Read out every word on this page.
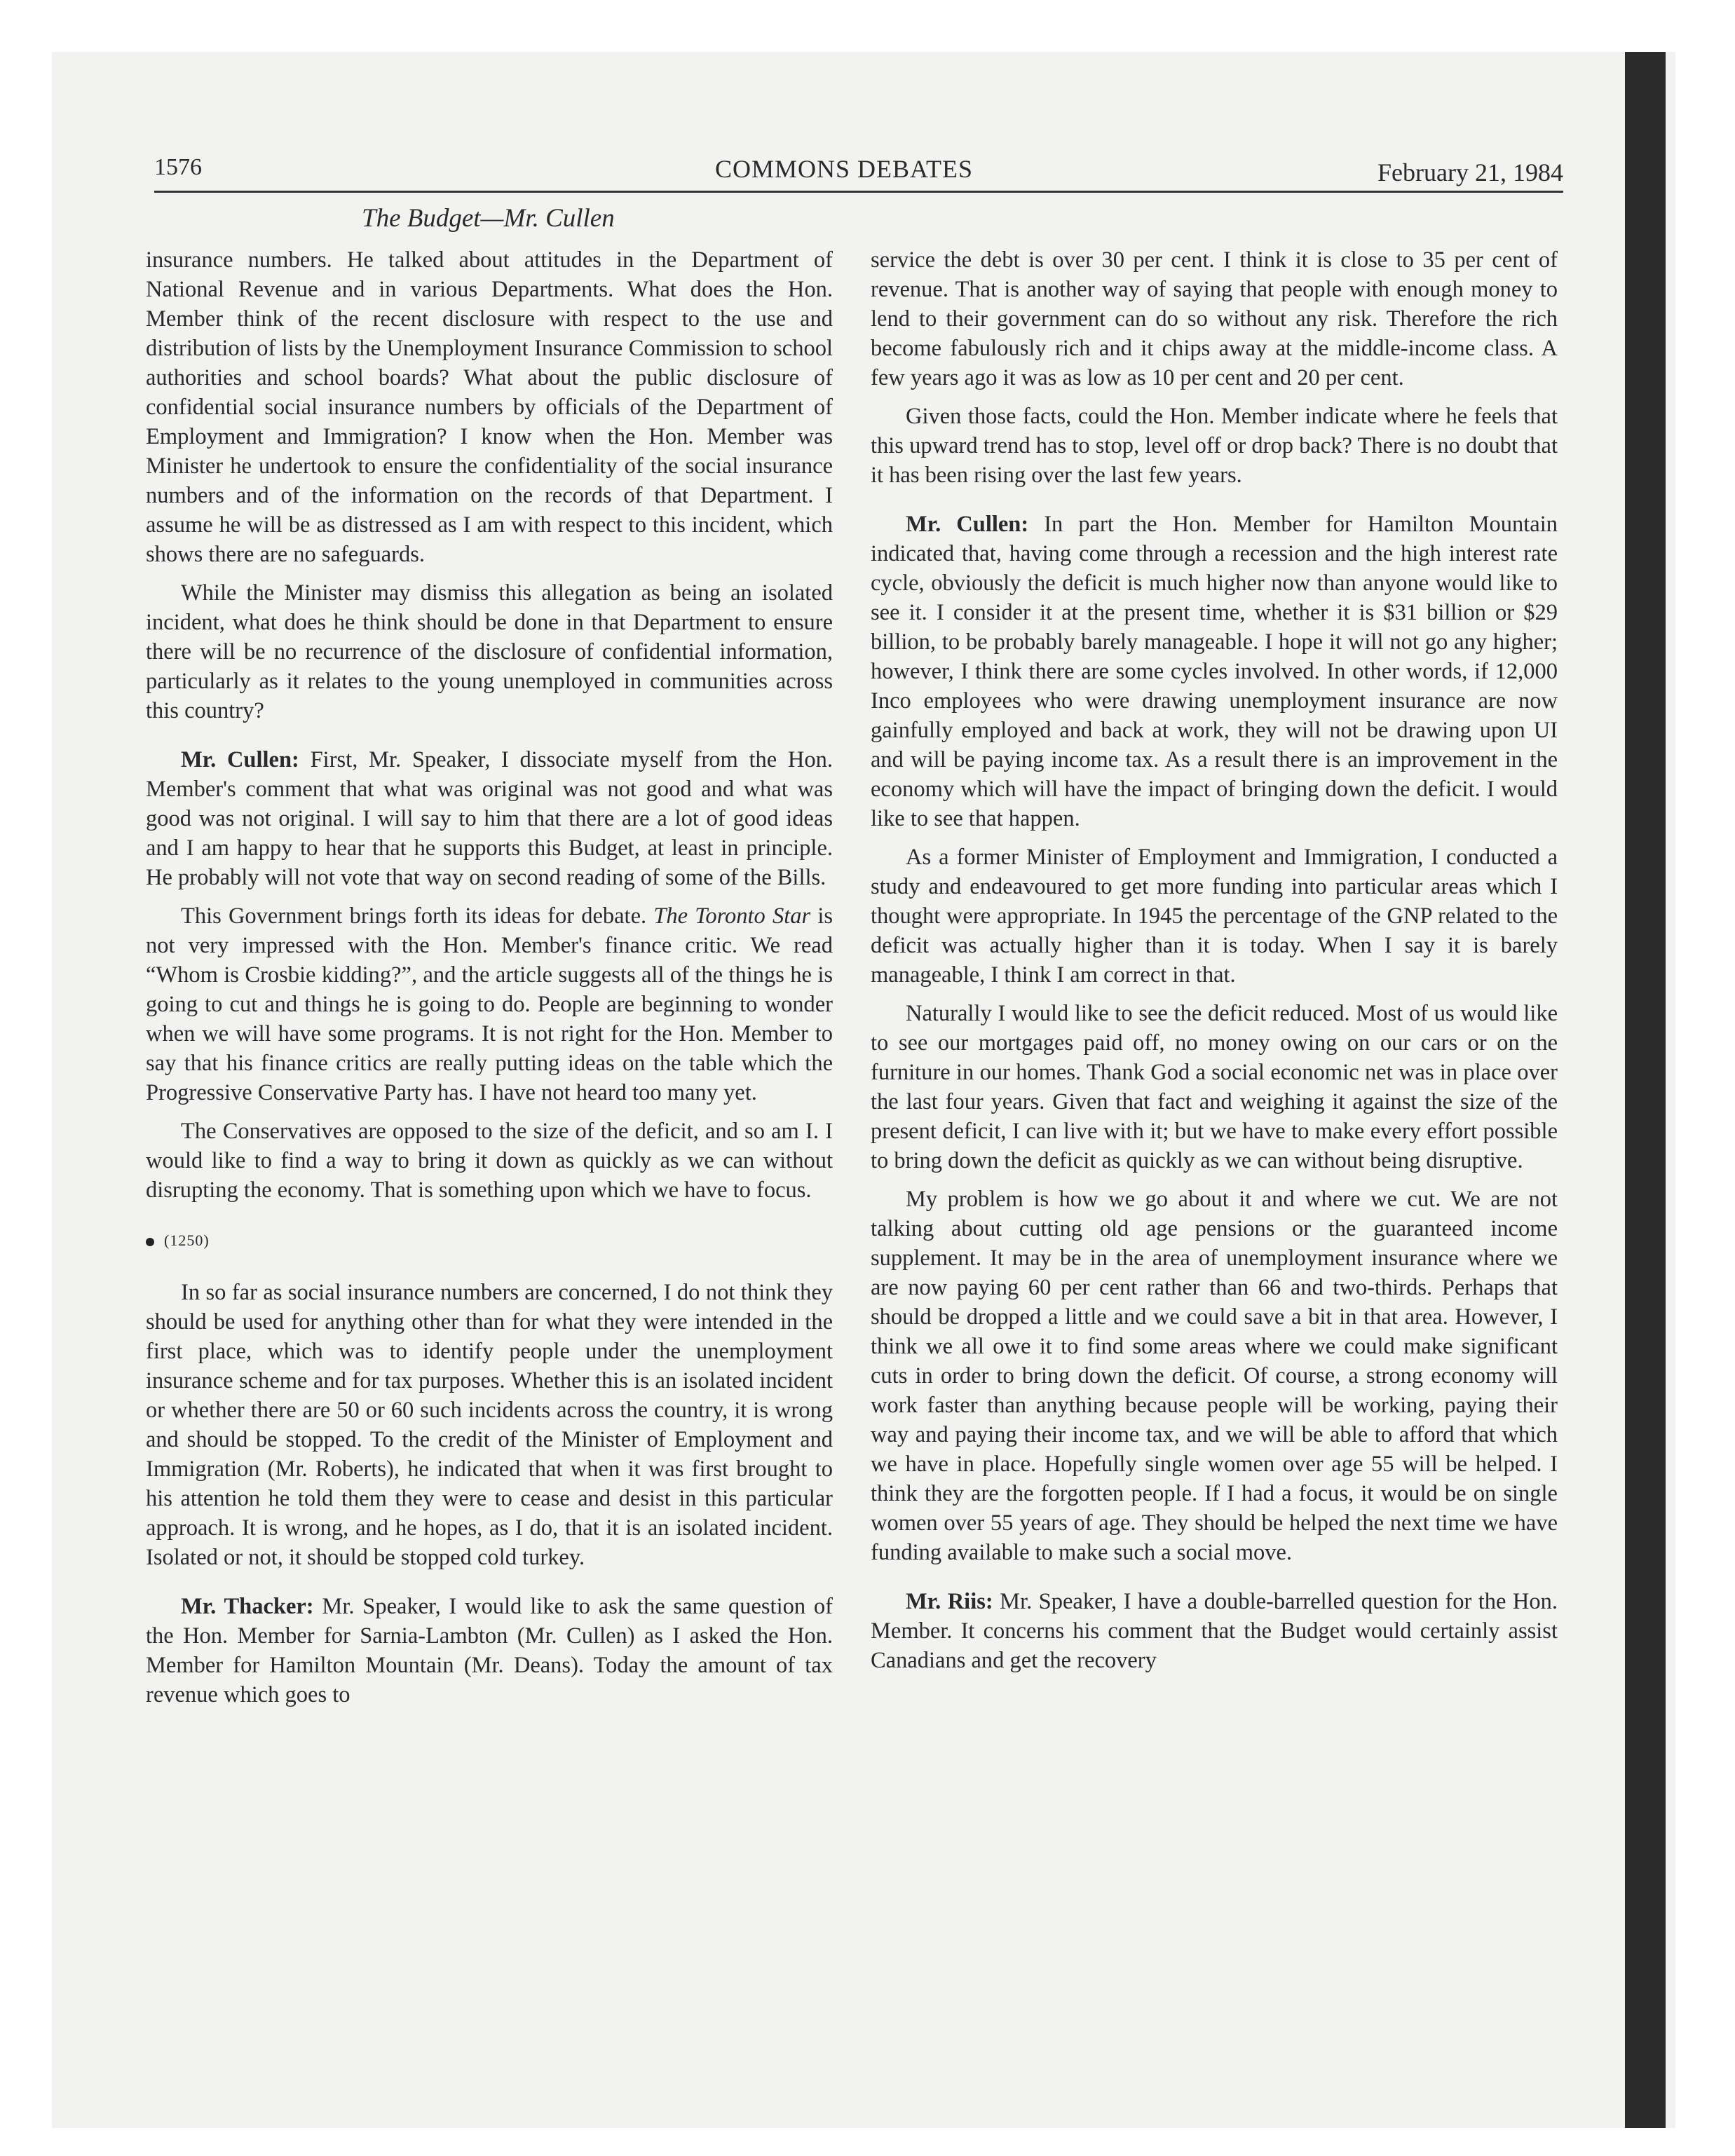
1576	COMMONS DEBATES	February 21, 1984
The Budget—Mr. Cullen

insurance numbers. He talked about attitudes in the Department of National Revenue and in various Departments. What does the Hon. Member think of the recent disclosure with respect to the use and distribution of lists by the Unemployment Insurance Commission to school authorities and school boards? What about the public disclosure of confidential social insurance numbers by officials of the Department of Employment and Immigration? I know when the Hon. Member was Minister he undertook to ensure the confidentiality of the social insurance numbers and of the information on the records of that Department. I assume he will be as distressed as I am with respect to this incident, which shows there are no safeguards.

While the Minister may dismiss this allegation as being an isolated incident, what does he think should be done in that Department to ensure there will be no recurrence of the disclosure of confidential information, particularly as it relates to the young unemployed in communities across this country?

Mr. Cullen: First, Mr. Speaker, I dissociate myself from the Hon. Member's comment that what was original was not good and what was good was not original. I will say to him that there are a lot of good ideas and I am happy to hear that he supports this Budget, at least in principle. He probably will not vote that way on second reading of some of the Bills.

This Government brings forth its ideas for debate. The Toronto Star is not very impressed with the Hon. Member's finance critic. We read “Whom is Crosbie kidding?”, and the article suggests all of the things he is going to cut and things he is going to do. People are beginning to wonder when we will have some programs. It is not right for the Hon. Member to say that his finance critics are really putting ideas on the table which the Progressive Conservative Party has. I have not heard too many yet.

The Conservatives are opposed to the size of the deficit, and so am I. I would like to find a way to bring it down as quickly as we can without disrupting the economy. That is something upon which we have to focus.

(1250)

In so far as social insurance numbers are concerned, I do not think they should be used for anything other than for what they were intended in the first place, which was to identify people under the unemployment insurance scheme and for tax purposes. Whether this is an isolated incident or whether there are 50 or 60 such incidents across the country, it is wrong and should be stopped. To the credit of the Minister of Employment and Immigration (Mr. Roberts), he indicated that when it was first brought to his attention he told them they were to cease and desist in this particular approach. It is wrong, and he hopes, as I do, that it is an isolated incident. Isolated or not, it should be stopped cold turkey.

Mr. Thacker: Mr. Speaker, I would like to ask the same question of the Hon. Member for Sarnia-Lambton (Mr. Cullen) as I asked the Hon. Member for Hamilton Mountain (Mr. Deans). Today the amount of tax revenue which goes to

service the debt is over 30 per cent. I think it is close to 35 per cent of revenue. That is another way of saying that people with enough money to lend to their government can do so without any risk. Therefore the rich become fabulously rich and it chips away at the middle-income class. A few years ago it was as low as 10 per cent and 20 per cent.

Given those facts, could the Hon. Member indicate where he feels that this upward trend has to stop, level off or drop back? There is no doubt that it has been rising over the last few years.

Mr. Cullen: In part the Hon. Member for Hamilton Mountain indicated that, having come through a recession and the high interest rate cycle, obviously the deficit is much higher now than anyone would like to see it. I consider it at the present time, whether it is $31 billion or $29 billion, to be probably barely manageable. I hope it will not go any higher; however, I think there are some cycles involved. In other words, if 12,000 Inco employees who were drawing unemployment insurance are now gainfully employed and back at work, they will not be drawing upon UI and will be paying income tax. As a result there is an improvement in the economy which will have the impact of bringing down the deficit. I would like to see that happen.

As a former Minister of Employment and Immigration, I conducted a study and endeavoured to get more funding into particular areas which I thought were appropriate. In 1945 the percentage of the GNP related to the deficit was actually higher than it is today. When I say it is barely manageable, I think I am correct in that.

Naturally I would like to see the deficit reduced. Most of us would like to see our mortgages paid off, no money owing on our cars or on the furniture in our homes. Thank God a social economic net was in place over the last four years. Given that fact and weighing it against the size of the present deficit, I can live with it; but we have to make every effort possible to bring down the deficit as quickly as we can without being disruptive.

My problem is how we go about it and where we cut. We are not talking about cutting old age pensions or the guaranteed income supplement. It may be in the area of unemployment insurance where we are now paying 60 per cent rather than 66 and two-thirds. Perhaps that should be dropped a little and we could save a bit in that area. However, I think we all owe it to find some areas where we could make significant cuts in order to bring down the deficit. Of course, a strong economy will work faster than anything because people will be working, paying their way and paying their income tax, and we will be able to afford that which we have in place. Hopefully single women over age 55 will be helped. I think they are the forgotten people. If I had a focus, it would be on single women over 55 years of age. They should be helped the next time we have funding available to make such a social move.

Mr. Riis: Mr. Speaker, I have a double-barrelled question for the Hon. Member. It concerns his comment that the Budget would certainly assist Canadians and get the recovery
